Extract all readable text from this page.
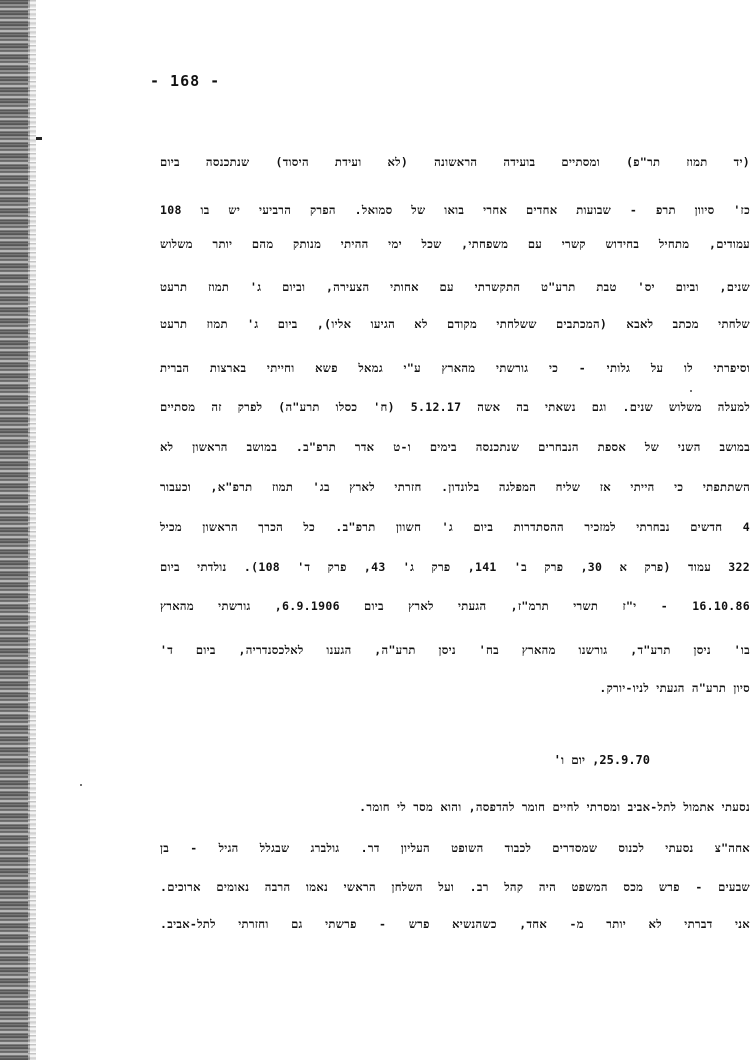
- 168 -
(יד תמוז תר"פ) ומסתיים בועידה הראשונה (לא ועידת היסוד) שנתכנסה ביום
כז' סיוון תרפ - שבועות אחדים אחרי בואו של סמואל. הפרק הרביעי יש בו 108
עמודים, מתחיל בחידוש קשרי עם משפחתי, שכל ימי ההיתי מנותק מהם יותר משלוש
שנים, וביום יס' טבת תרע"ט התקשרתי עם אחותי הצעירה, וביום ג' תמוז תרעט
שלחתי מכתב לאבא (המכתבים ששלחתי מקודם לא הגיעו אליו), ביום ג' תמוז תרעט
וסיפרתי לו על גלותי - כי גורשתי מהארץ ע"י גמאל פשא וחייתי בארצות הברית
למעלה משלוש שנים. וגם נשאתי בה אשה 5.12.17 (ח' כסלו תרע"ה) לפרק זה מסתיים
במושב השני של אספת הנבחרים שנתכנסה בימים ו-ט אדר תרפ"ב. במושב הראשון לא
השתתפתי כי הייתי אז שליח המפלגה בלונדון. חזרתי לארץ בג' תמוז תרפ"א, וכעבור
4 חדשים נבחרתי למזכיר ההסתדרות ביום ג' חשוון תרפ"ב. כל הכרך הראשון מכיל
322 עמוד (פרק א 30, פרק ב' 141, פרק ג' 43, פרק ד' 108). נולדתי ביום
16.10.86 - י"ז תשרי תרמ"ז, הגעתי לארץ ביום 6.9.1906, גורשתי מהארץ
בו' ניסן תרע"ד, גורשנו מהארץ בח' ניסן תרע"ה, הגענו לאלכסנדריה, ביום ד'
סיון תרע"ה הגעתי לניו-יורק.
25.9.70, יום ו'
נסעתי אתמול לתל-אביב ומסרתי לחיים חומר להדפסה, והוא מסר לי חומר.
אחה"צ נסעתי לכנוס שמסדרים לכבוד השופט העליון דר. גולברג שבגלל הגיל - בן
שבעים - פרש מכס המשפט היה קהל רב. ועל השלחן הראשי נאמו הרבה נאומים ארוכים.
אני דברתי לא יותר מ- אחד, כשהנשיא פרש - פרשתי גם וחזרתי לתל-אביב.
